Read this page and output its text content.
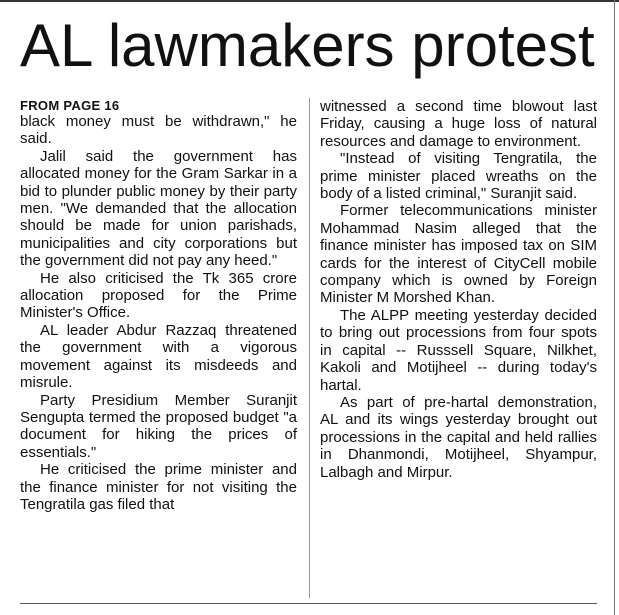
AL lawmakers protest
FROM PAGE 16

black money must be withdrawn," he said.

Jalil said the government has allocated money for the Gram Sarkar in a bid to plunder public money by their party men. "We demanded that the allocation should be made for union parishads, municipalities and city corporations but the government did not pay any heed."

He also criticised the Tk 365 crore allocation proposed for the Prime Minister's Office.

AL leader Abdur Razzaq threatened the government with a vigorous movement against its misdeeds and misrule.

Party Presidium Member Suranjit Sengupta termed the proposed budget "a document for hiking the prices of essentials."

He criticised the prime minister and the finance minister for not visiting the Tengratila gas filed that

witnessed a second time blowout last Friday, causing a huge loss of natural resources and damage to environment.

"Instead of visiting Tengratila, the prime minister placed wreaths on the body of a listed criminal," Suranjit said.

Former telecommunications minister Mohammad Nasim alleged that the finance minister has imposed tax on SIM cards for the interest of CityCell mobile company which is owned by Foreign Minister M Morshed Khan.

The ALPP meeting yesterday decided to bring out processions from four spots in capital -- Russsell Square, Nilkhet, Kakoli and Motijheel -- during today's hartal.

As part of pre-hartal demonstration, AL and its wings yesterday brought out processions in the capital and held rallies in Dhanmondi, Motijheel, Shyampur, Lalbagh and Mirpur.
